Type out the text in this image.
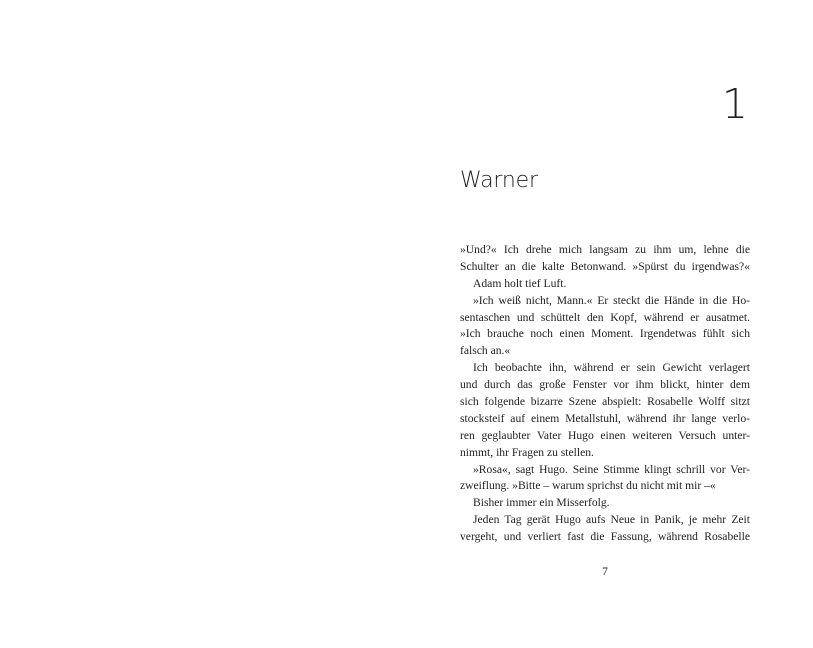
1
Warner
»Und?« Ich drehe mich langsam zu ihm um, lehne die
Schulter an die kalte Betonwand. »Spürst du irgendwas?«
Adam holt tief Luft.
»Ich weiß nicht, Mann.« Er steckt die Hände in die Ho-
sentaschen und schüttelt den Kopf, während er ausatmet.
»Ich brauche noch einen Moment. Irgendetwas fühlt sich
falsch an.«
Ich beobachte ihn, während er sein Gewicht verlagert
und durch das große Fenster vor ihm blickt, hinter dem
sich folgende bizarre Szene abspielt: Rosabelle Wolff sitzt
stocksteif auf einem Metallstuhl, während ihr lange verlo-
ren geglaubter Vater Hugo einen weiteren Versuch unter-
nimmt, ihr Fragen zu stellen.
»Rosa«, sagt Hugo. Seine Stimme klingt schrill vor Ver-
zweiflung. »Bitte – warum sprichst du nicht mit mir –«
Bisher immer ein Misserfolg.
Jeden Tag gerät Hugo aufs Neue in Panik, je mehr Zeit
vergeht, und verliert fast die Fassung, während Rosabelle
7
